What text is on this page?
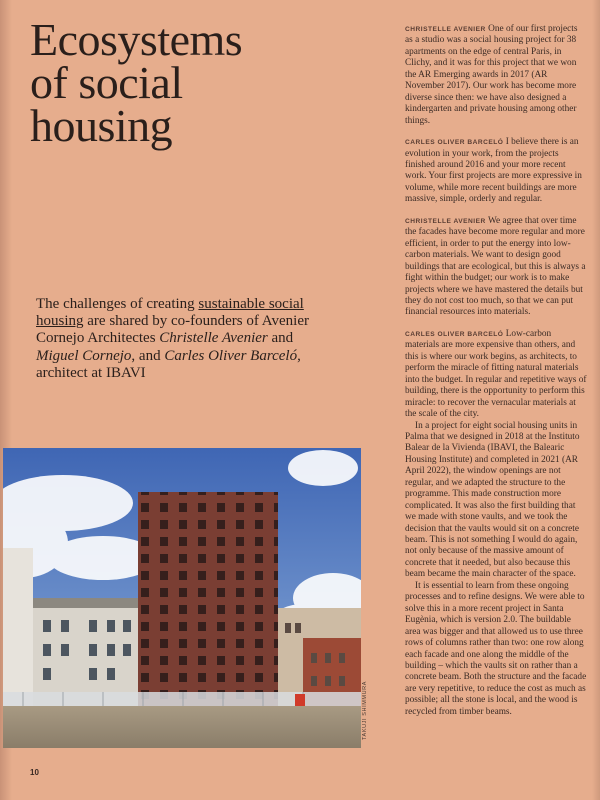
Ecosystems
of social
housing
The challenges of creating sustainable social housing are shared by co-founders of Avenier Cornejo Architectes Christelle Avenier and Miguel Cornejo, and Carles Oliver Barceló, architect at IBAVI

CHRISTELLE AVENIER One of our first projects as a studio was a social housing project for 38 apartments on the edge of central Paris, in Clichy, and it was for this project that we won the AR Emerging awards in 2017 (AR November 2017). Our work has become more diverse since then: we have also designed a kindergarten and private housing among other things.

CARLES OLIVER BARCELÓ I believe there is an evolution in your work, from the projects finished around 2016 and your more recent work. Your first projects are more expressive in volume, while more recent buildings are more massive, simple, orderly and regular.

CHRISTELLE AVENIER We agree that over time the facades have become more regular and more efficient, in order to put the energy into low-carbon materials. We want to design good buildings that are ecological, but this is always a fight within the budget; our work is to make projects where we have mastered the details but they do not cost too much, so that we can put financial resources into materials.

CARLES OLIVER BARCELÓ Low-carbon materials are more expensive than others, and this is where our work begins, as architects, to perform the miracle of fitting natural materials into the budget. In regular and repetitive ways of building, there is the opportunity to perform this miracle: to recover the vernacular materials at the scale of the city.

In a project for eight social housing units in Palma that we designed in 2018 at the Instituto Balear de la Vivienda (IBAVI, the Balearic Housing Institute) and completed in 2021 (AR April 2022), the window openings are not regular, and we adapted the structure to the programme. This made construction more complicated. It was also the first building that we made with stone vaults, and we took the decision that the vaults would sit on a concrete beam. This is not something I would do again, not only because of the massive amount of concrete that it needed, but also because this beam became the main character of the space.

It is essential to learn from these ongoing processes and to refine designs. We were able to solve this in a more recent project in Santa Eugènia, which is version 2.0. The buildable area was bigger and that allowed us to use three rows of columns rather than two: one row along each facade and one along the middle of the building – which the vaults sit on rather than a concrete beam. Both the structure and the facade are very repetitive, to reduce the cost as much as possible; all the stone is local, and the wood is recycled from timber beams.

TAKUJI SHIMMURA
10
